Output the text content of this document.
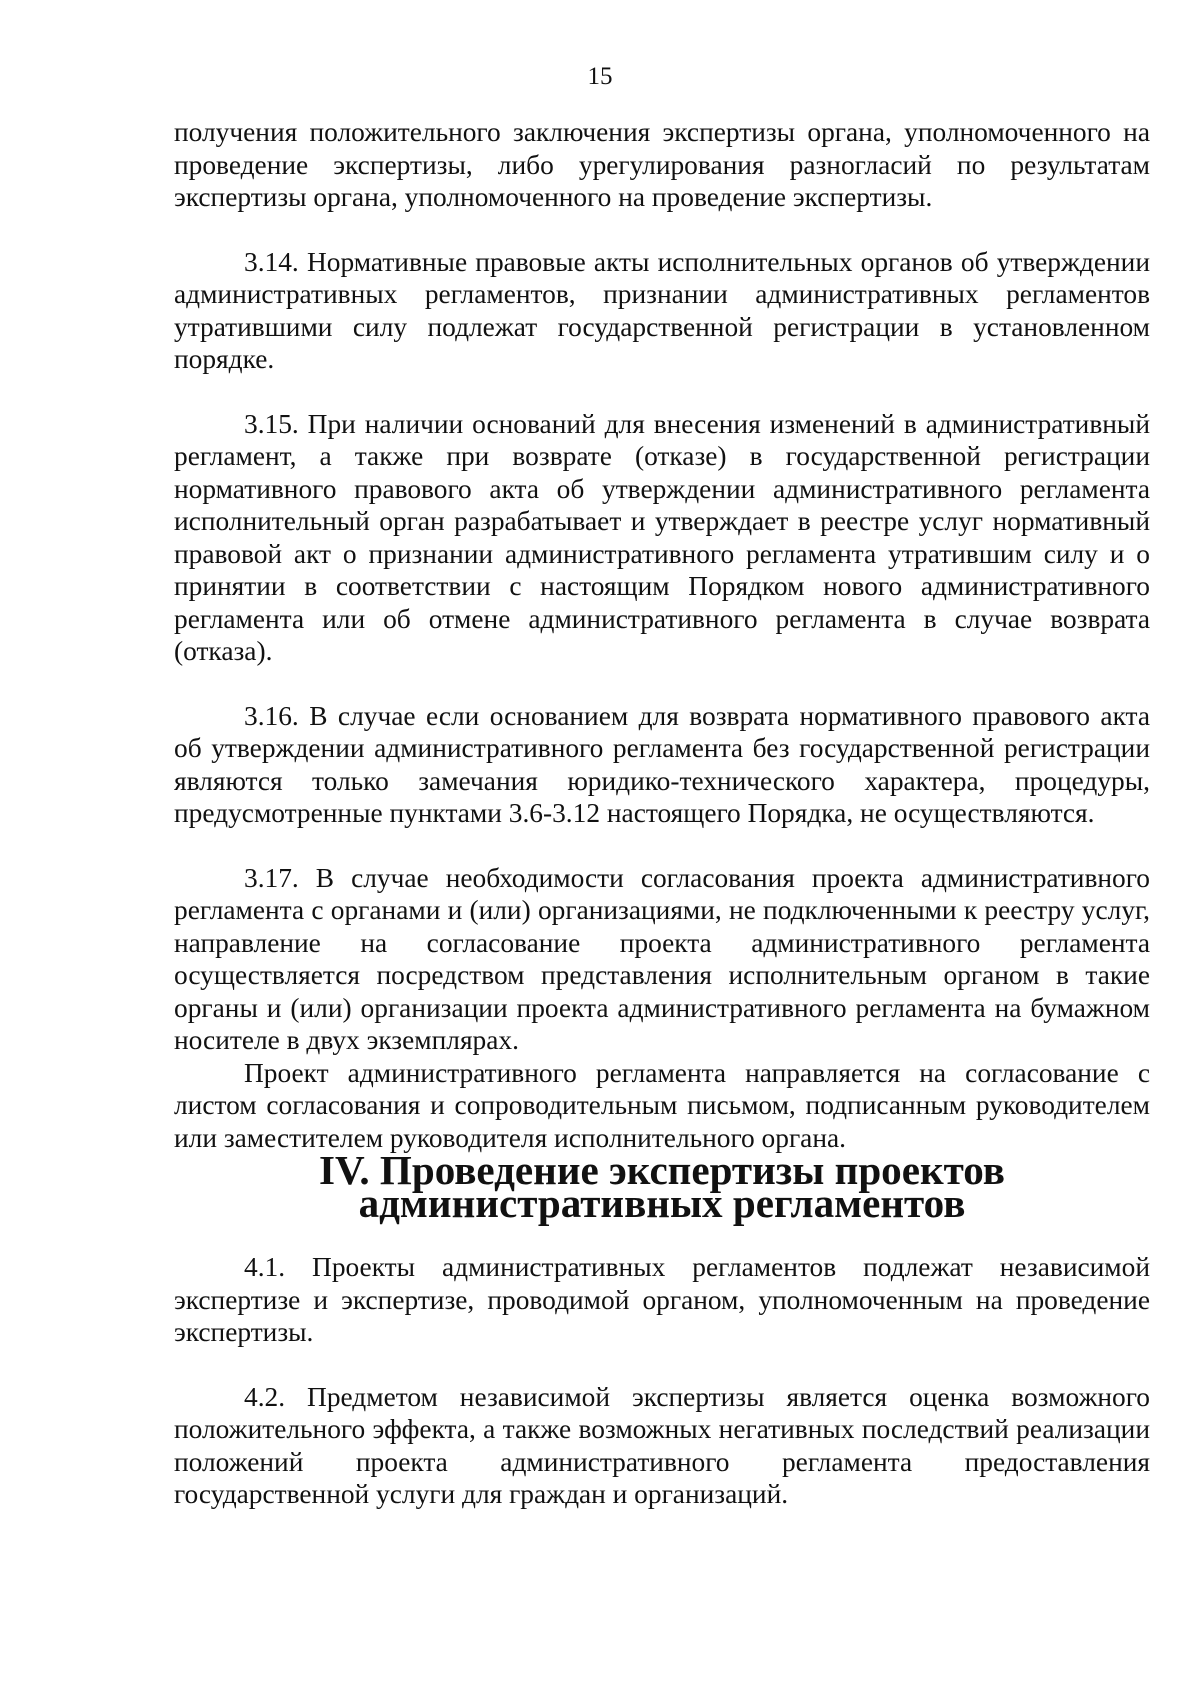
15

получения положительного заключения экспертизы органа, уполномоченного на проведение экспертизы, либо урегулирования разногласий по результатам экспертизы органа, уполномоченного на проведение экспертизы.

3.14. Нормативные правовые акты исполнительных органов об утверждении административных регламентов, признании административных регламентов утратившими силу подлежат государственной регистрации в установленном порядке.

3.15. При наличии оснований для внесения изменений в административный регламент, а также при возврате (отказе) в государственной регистрации нормативного правового акта об утверждении административного регламента исполнительный орган разрабатывает и утверждает в реестре услуг нормативный правовой акт о признании административного регламента утратившим силу и о принятии в соответствии с настоящим Порядком нового административного регламента или об отмене административного регламента в случае возврата (отказа).

3.16. В случае если основанием для возврата нормативного правового акта об утверждении административного регламента без государственной регистрации являются только замечания юридико-технического характера, процедуры, предусмотренные пунктами 3.6-3.12 настоящего Порядка, не осуществляются.

3.17. В случае необходимости согласования проекта административного регламента с органами и (или) организациями, не подключенными к реестру услуг, направление на согласование проекта административного регламента осуществляется посредством представления исполнительным органом в такие органы и (или) организации проекта административного регламента на бумажном носителе в двух экземплярах.

Проект административного регламента направляется на согласование с листом согласования и сопроводительным письмом, подписанным руководителем или заместителем руководителя исполнительного органа.

IV. Проведение экспертизы проектов
административных регламентов

4.1. Проекты административных регламентов подлежат независимой экспертизе и экспертизе, проводимой органом, уполномоченным на проведение экспертизы.

4.2. Предметом независимой экспертизы является оценка возможного положительного эффекта, а также возможных негативных последствий реализации положений проекта административного регламента предоставления государственной услуги для граждан и организаций.
